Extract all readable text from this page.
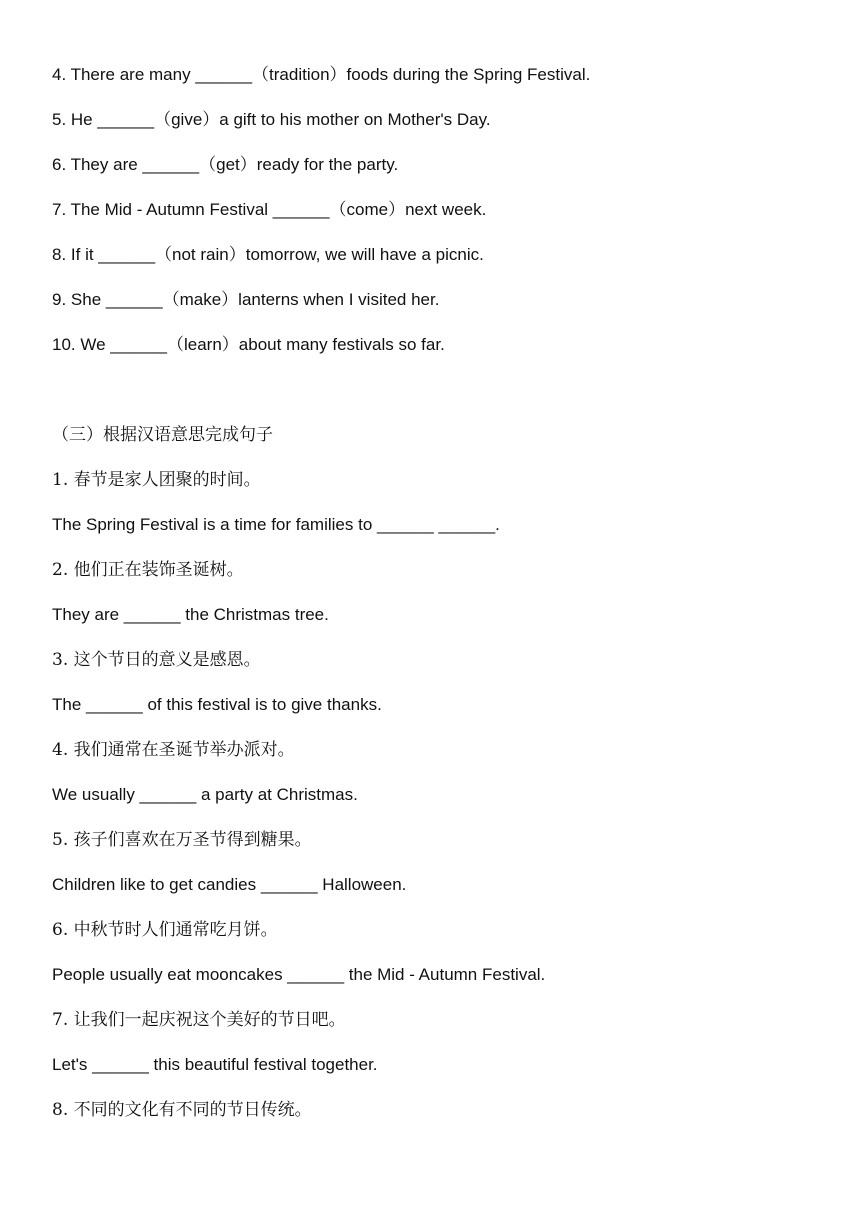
4. There are many ______（tradition）foods during the Spring Festival.
5. He ______（give）a gift to his mother on Mother's Day.
6. They are ______（get）ready for the party.
7. The Mid - Autumn Festival ______（come）next week.
8. If it ______（not rain）tomorrow, we will have a picnic.
9. She ______（make）lanterns when I visited her.
10. We ______（learn）about many festivals so far.
（三）根据汉语意思完成句子
1. 春节是家人团聚的时间。
The Spring Festival is a time for families to ______ ______.
2. 他们正在装饰圣诞树。
They are ______ the Christmas tree.
3. 这个节日的意义是感恩。
The ______ of this festival is to give thanks.
4. 我们通常在圣诞节举办派对。
We usually ______ a party at Christmas.
5. 孩子们喜欢在万圣节得到糖果。
Children like to get candies ______ Halloween.
6. 中秋节时人们通常吃月饼。
People usually eat mooncakes ______ the Mid - Autumn Festival.
7. 让我们一起庆祝这个美好的节日吧。
Let's ______ this beautiful festival together.
8. 不同的文化有不同的节日传统。
